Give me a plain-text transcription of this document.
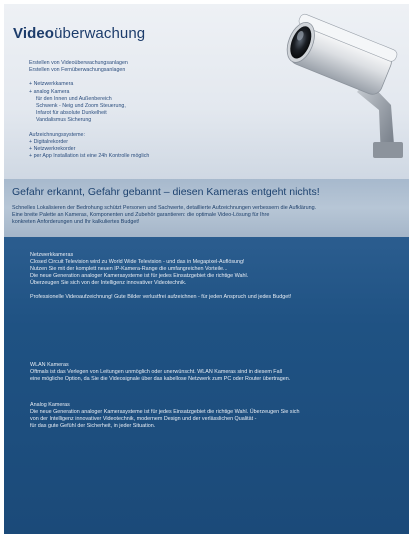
Videoüberwachung
Erstellen von Videoüberwachungsanlagen
Erstellen von Fernüberwachungsanlagen
+ Netzwerkkamera
+ analog Kamera
für den Innen und Außenbereich
Schwenk - Neig und Zoom Steuerung,
Infarot für absolute Dunkelheit
Vandalismus Sicherung
Aufzeichnungssysteme:
+ Digitalrekorder
+ Netzwerkrekorder
+ per App Installation ist eine 24h Kontrolle möglich
Gefahr erkannt, Gefahr gebannt – diesen Kameras entgeht nichts!
Schnelles Lokalisieren der Bedrohung schützt Personen und Sachwerte, detaillierte Aufzeichnungen verbessern die Aufklärung.
Eine breite Palette an Kameras, Komponenten und Zubehör garantieren: die optimale Video-Lösung für Ihre
konkreten Anforderungen und Ihr kalkuliertes Budget!
Netzwerkkameras
Closed Circuit Television wird zu World Wide Television - und das in Megapixel-Auflösung!
Nutzen Sie mit der komplett neuen IP-Kamera-Range die umfangreichen Vorteile...
Die neue Generation analoger Kamerasysteme ist für jedes Einsatzgebiet die richtige Wahl.
Überzeugen Sie sich von der Intelligenz innovativer Videotechnik.
Professionelle Videoaufzeichnung! Gute Bilder verlustfrei aufzeichnen - für jeden Anspruch und jedes Budget!
WLAN Kameras
Oftmals ist das Verlegen von Leitungen unmöglich oder unerwünscht. WLAN Kameras sind in diesem Fall
eine mögliche Option, da Sie die Videosignale über das kabellose Netzwerk zum PC oder Router übertragen.
Analog Kameras
Die neue Generation analoger Kamerasysteme ist für jedes Einsatzgebiet die richtige Wahl. Überzeugen Sie sich
von der Intelligenz innovativer Videotechnik, modernem Design und der verlässlichen Qualität -
für das gute Gefühl der Sicherheit, in jeder Situation.
